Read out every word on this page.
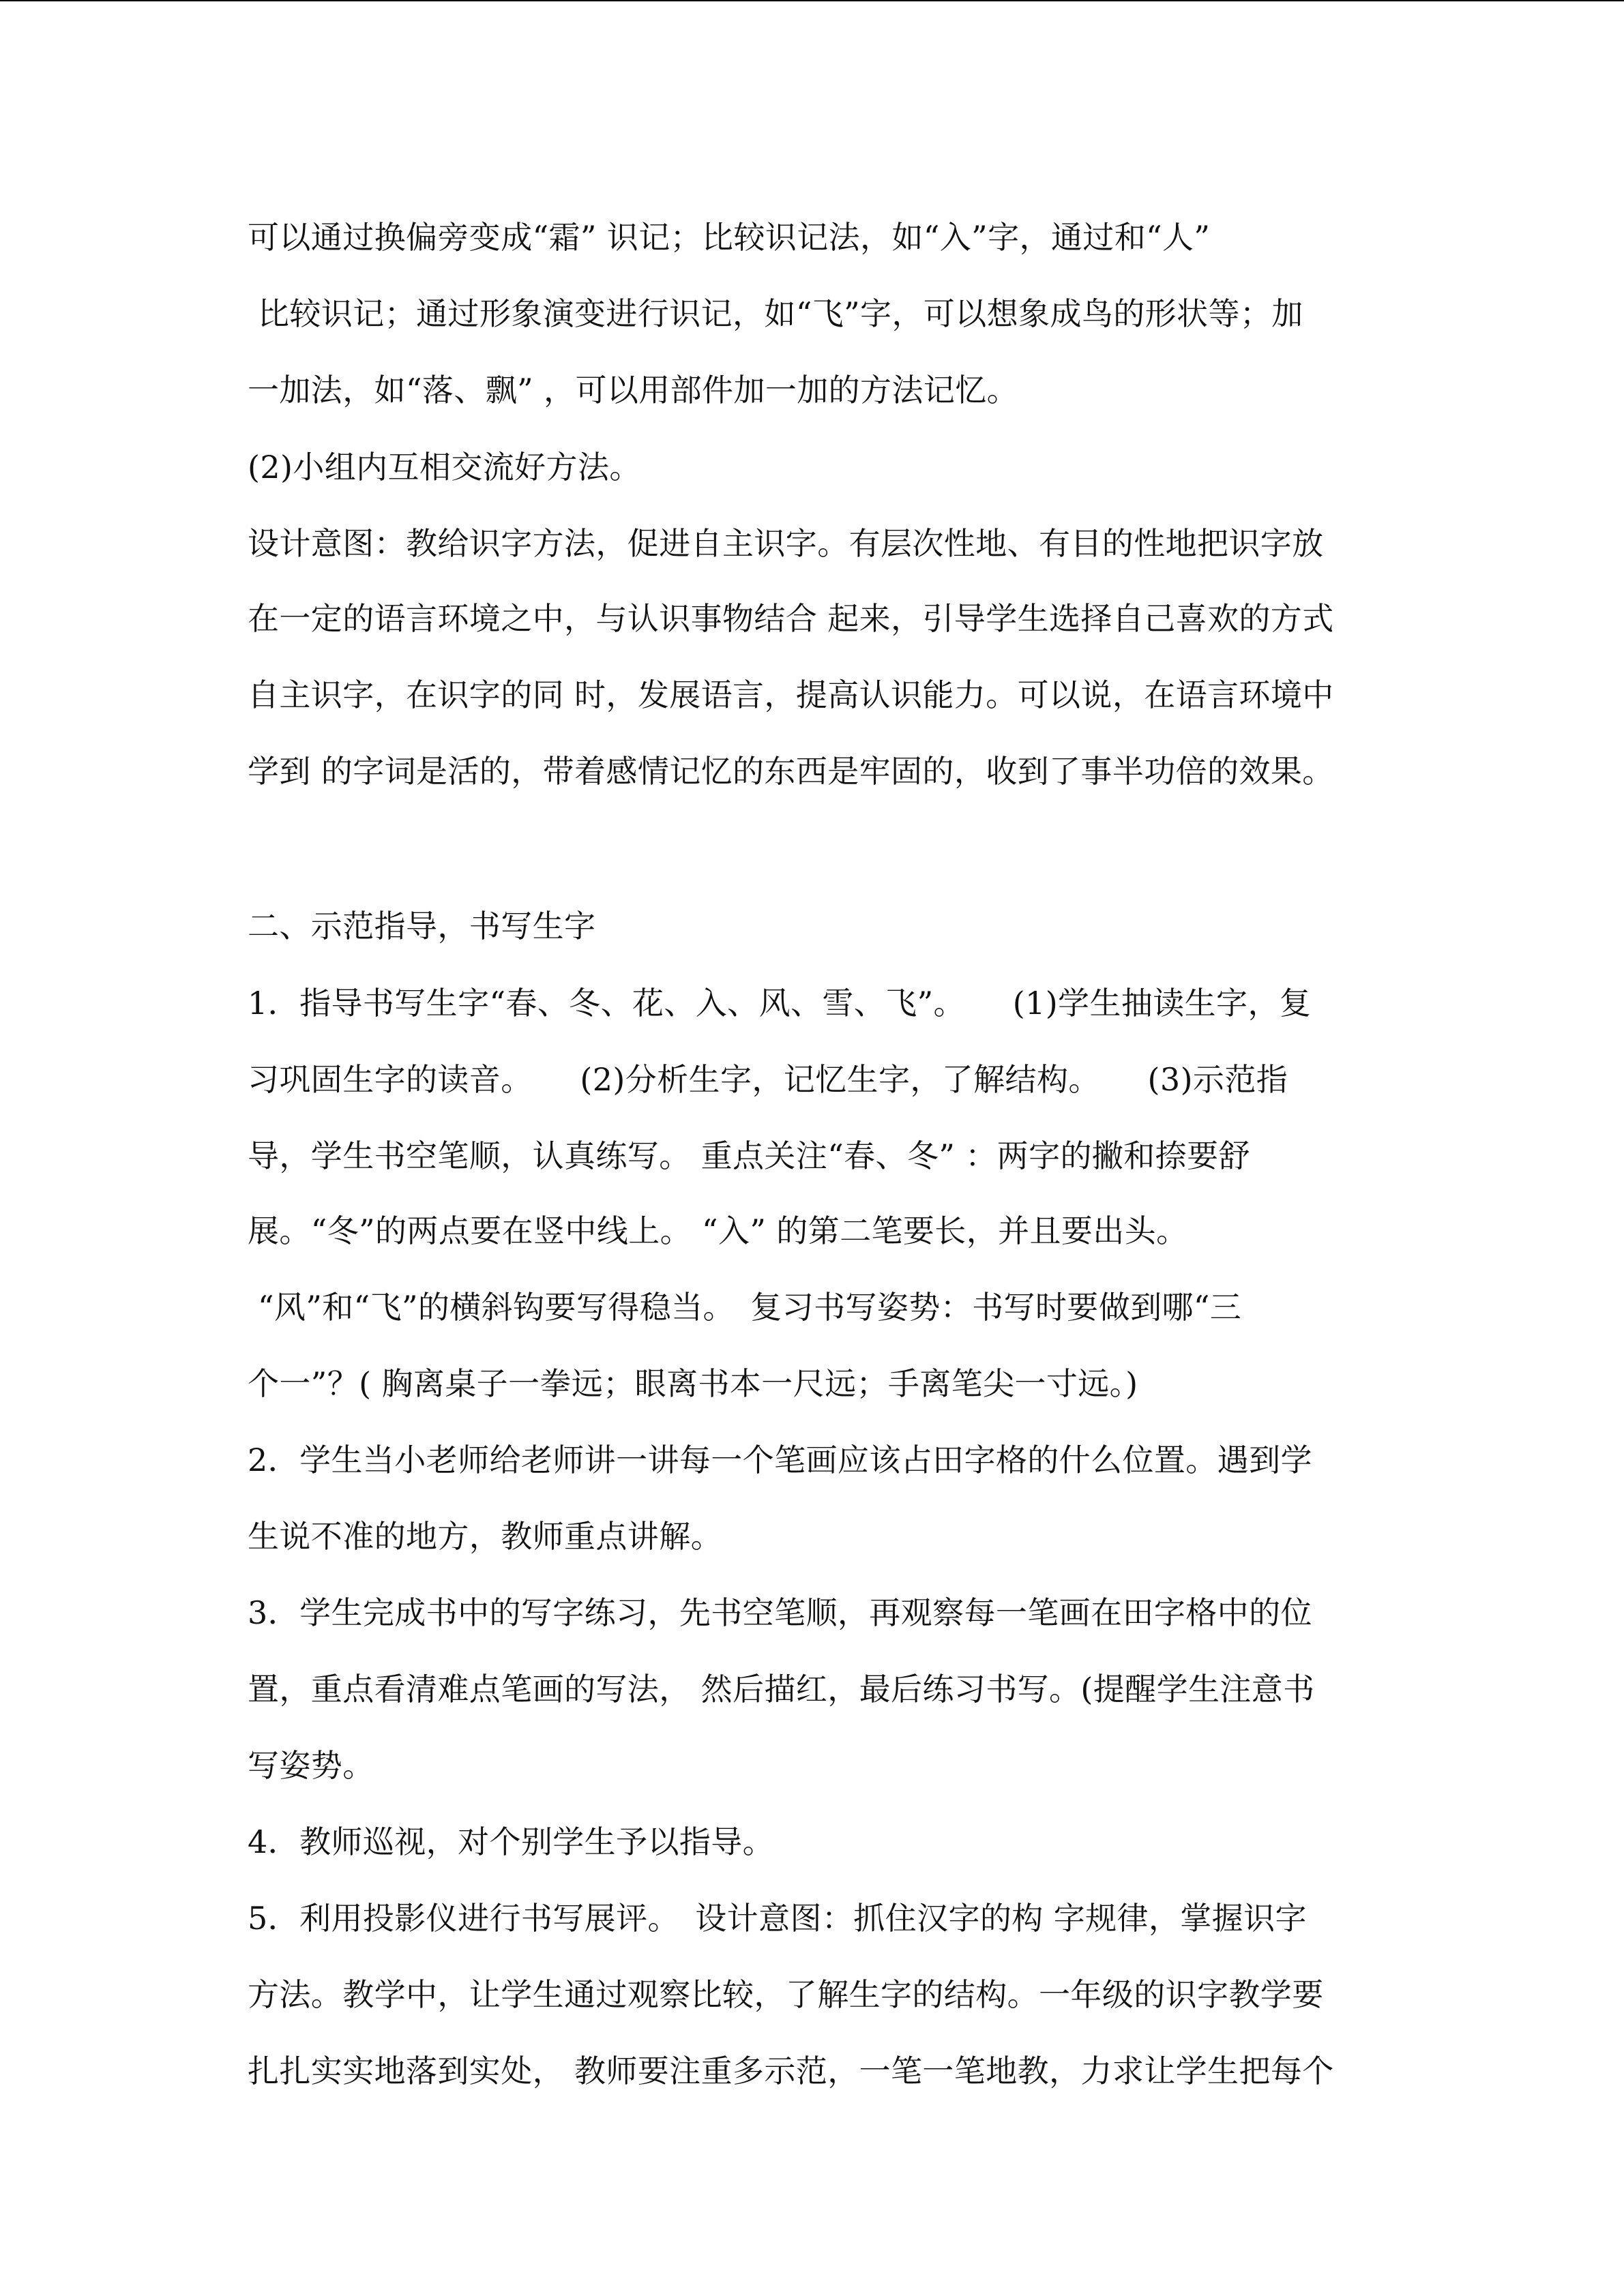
可以通过换偏旁变成“霜” 识记；比较识记法，如“入”字，通过和“人”

比较识记；通过形象演变进行识记，如“飞”字，可以想象成鸟的形状等；加

一加法，如“落、飘” ，可以用部件加一加的方法记忆。

(2)小组内互相交流好方法。

设计意图：教给识字方法，促进自主识字。有层次性地、有目的性地把识字放

在一定的语言环境之中，与认识事物结合 起来，引导学生选择自己喜欢的方式

自主识字，在识字的同 时，发展语言，提高认识能力。可以说，在语言环境中

学到 的字词是活的，带着感情记忆的东西是牢固的，收到了事半功倍的效果。

二、示范指导，书写生字

1．指导书写生字“春、冬、花、入、风、雪、飞”。　　(1)学生抽读生字，复

习巩固生字的读音。　　(2)分析生字，记忆生字，了解结构。　　(3)示范指

导，学生书空笔顺，认真练写。 重点关注“春、冬” ：两字的撇和捺要舒

展。“冬”的两点要在竖中线上。 “入” 的第二笔要长，并且要出头。

“风”和“飞”的横斜钩要写得稳当。　复习书写姿势：书写时要做到哪“三

个一”？( 胸离桌子一拳远；眼离书本一尺远；手离笔尖一寸远。)

2．学生当小老师给老师讲一讲每一个笔画应该占田字格的什么位置。遇到学

生说不准的地方，教师重点讲解。

3．学生完成书中的写字练习，先书空笔顺，再观察每一笔画在田字格中的位

置，重点看清难点笔画的写法， 然后描红，最后练习书写。(提醒学生注意书

写姿势。

4．教师巡视，对个别学生予以指导。

5．利用投影仪进行书写展评。　设计意图：抓住汉字的构 字规律，掌握识字

方法。教学中，让学生通过观察比较，了解生字的结构。一年级的识字教学要

扎扎实实地落到实处， 教师要注重多示范，一笔一笔地教，力求让学生把每个
